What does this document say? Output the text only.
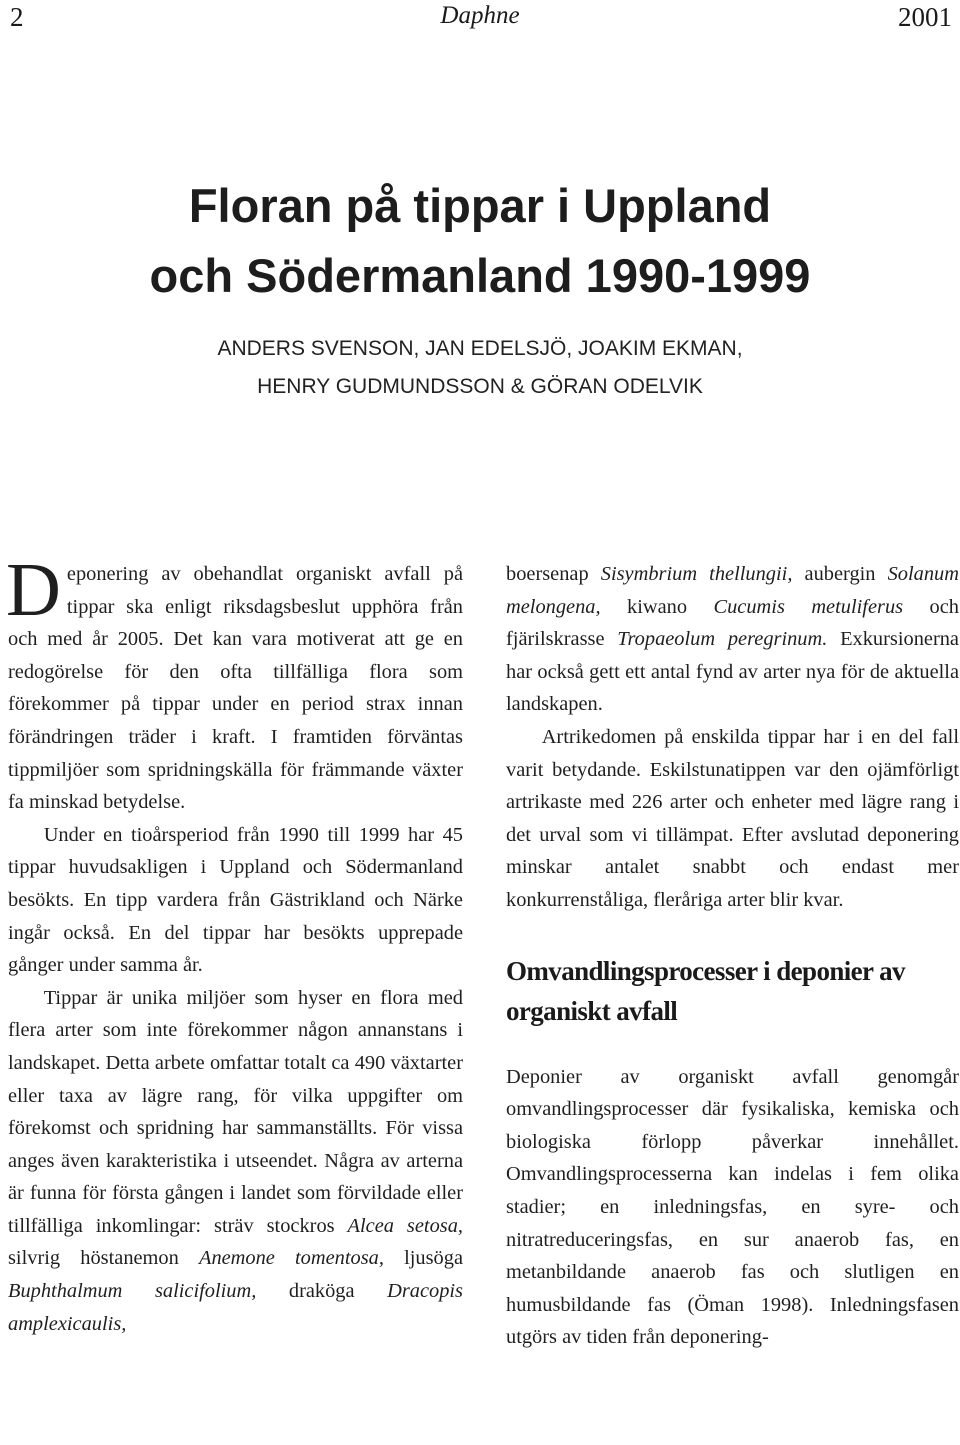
2	Daphne	2001
Floran på tippar i Uppland
och Södermanland 1990-1999
ANDERS SVENSON, JAN EDELSJÖ, JOAKIM EKMAN,
HENRY GUDMUNDSSON & GÖRAN ODELVIK

Deponering av obehandlat organiskt avfall på tippar ska enligt riksdagsbeslut upphöra från och med år 2005. Det kan vara motiverat att ge en redogörelse för den ofta tillfälliga flora som förekommer på tippar under en period strax innan förändringen träder i kraft. I framtiden förväntas tippmiljöer som spridningskälla för främmande växter fa minskad betydelse.

Under en tioårsperiod från 1990 till 1999 har 45 tippar huvudsakligen i Uppland och Södermanland besökts. En tipp vardera från Gästrikland och Närke ingår också. En del tippar har besökts upprepade gånger under samma år.

Tippar är unika miljöer som hyser en flora med flera arter som inte förekommer någon annanstans i landskapet. Detta arbete omfattar totalt ca 490 växtarter eller taxa av lägre rang, för vilka uppgifter om förekomst och spridning har sammanställts. För vissa anges även karakteristika i utseendet. Några av arterna är funna för första gången i landet som förvildade eller tillfälliga inkomlingar: sträv stockros Alcea setosa, silvrig höstanemon Anemone tomentosa, ljusöga Buphthalmum salicifolium, draköga Dracopis amplexicaulis,

boersenap Sisymbrium thellungii, aubergin Solanum melongena, kiwano Cucumis metuliferus och fjärilskrasse Tropaeolum peregrinum. Exkursionerna har också gett ett antal fynd av arter nya för de aktuella landskapen.

Artrikedomen på enskilda tippar har i en del fall varit betydande. Eskilstunatippen var den ojämförligt artrikaste med 226 arter och enheter med lägre rang i det urval som vi tillämpat. Efter avslutad deponering minskar antalet snabbt och endast mer konkurrenståliga, fleråriga arter blir kvar.

Omvandlingsprocesser i deponier av
organiskt avfall

Deponier av organiskt avfall genomgår omvandlingsprocesser där fysikaliska, kemiska och biologiska förlopp påverkar innehållet. Omvandlingsprocesserna kan indelas i fem olika stadier; en inledningsfas, en syre- och nitratreduceringsfas, en sur anaerob fas, en metanbildande anaerob fas och slutligen en humusbildande fas (Öman 1998). Inledningsfasen utgörs av tiden från deponering-
